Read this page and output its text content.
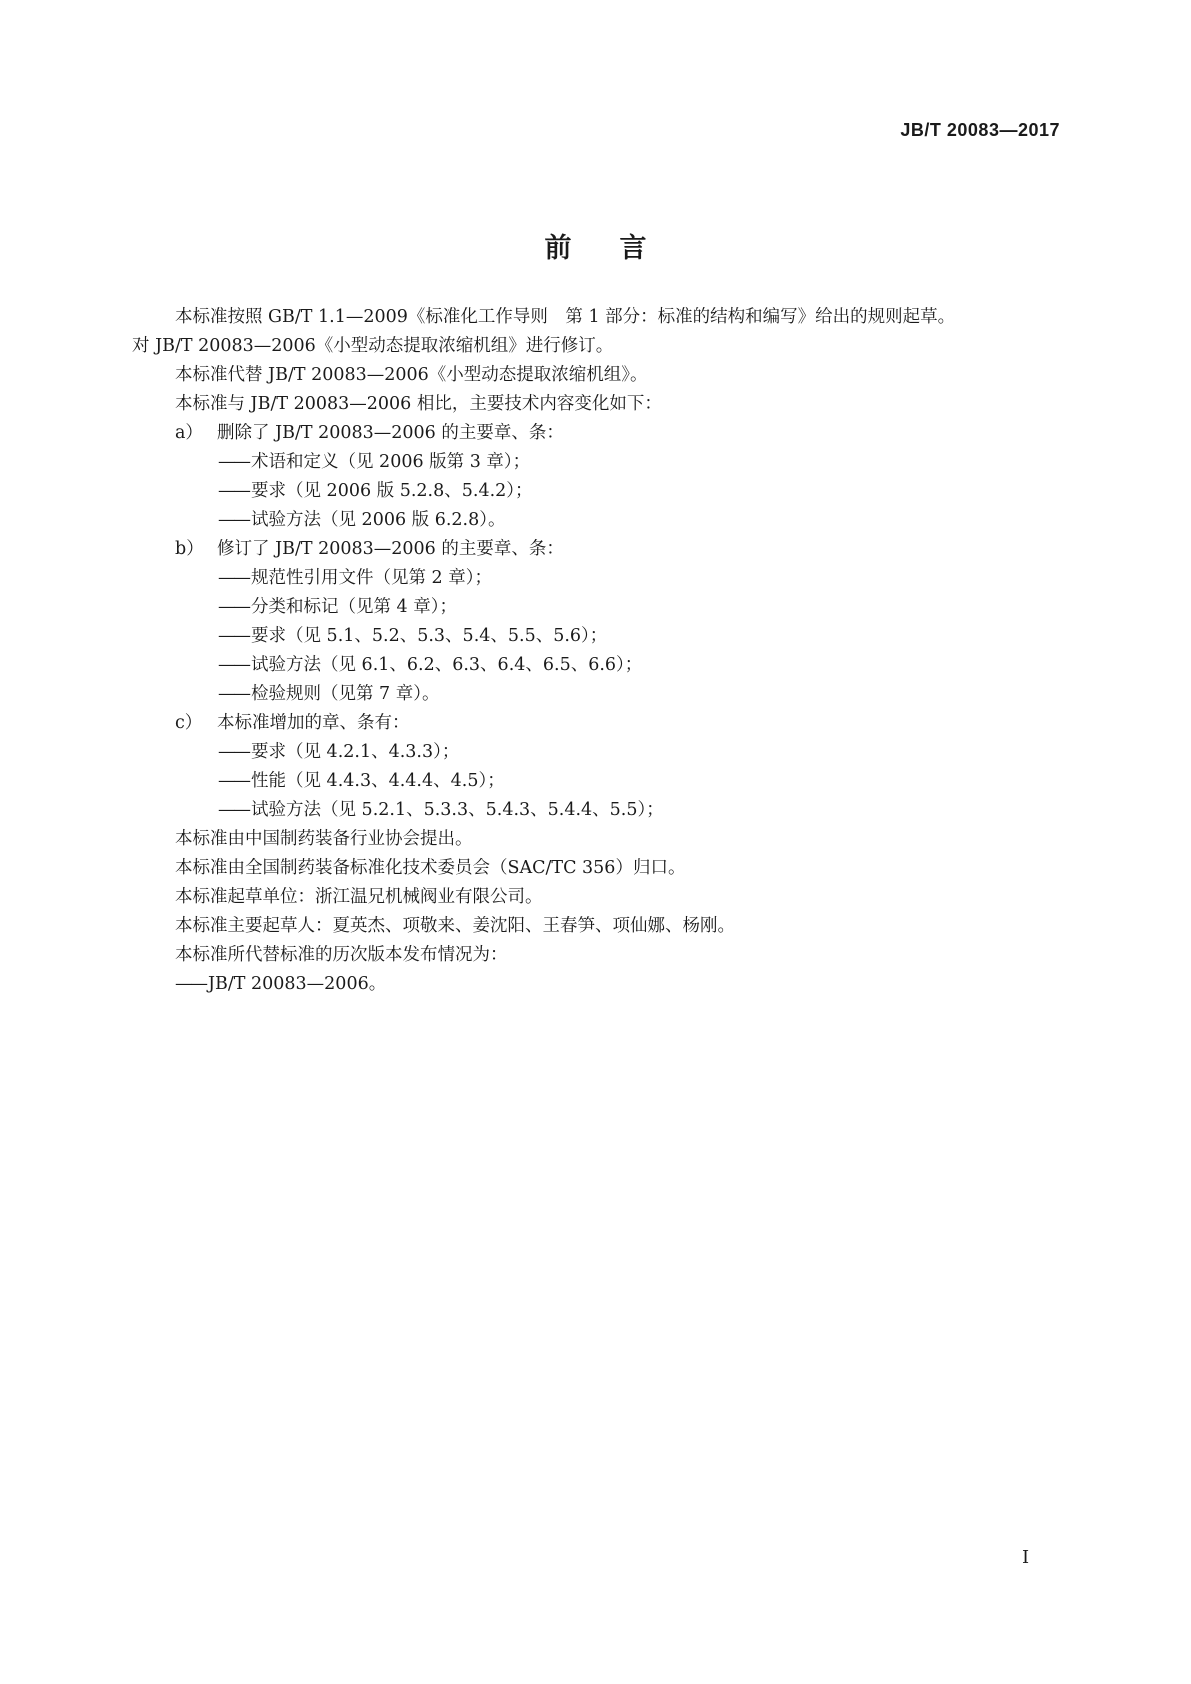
JB/T 20083—2017
前言
本标准按照 GB/T 1.1—2009《标准化工作导则　第 1 部分：标准的结构和编写》给出的规则起草。
对 JB/T 20083—2006《小型动态提取浓缩机组》进行修订。
本标准代替 JB/T 20083—2006《小型动态提取浓缩机组》。
本标准与 JB/T 20083—2006 相比，主要技术内容变化如下：
a） 删除了 JB/T 20083—2006 的主要章、条：
—— 术语和定义（见 2006 版第 3 章）；
—— 要求（见 2006 版 5.2.8、5.4.2）；
—— 试验方法（见 2006 版 6.2.8）。
b） 修订了 JB/T 20083—2006 的主要章、条：
—— 规范性引用文件（见第 2 章）；
—— 分类和标记（见第 4 章）；
—— 要求（见 5.1、5.2、5.3、5.4、5.5、5.6）；
—— 试验方法（见 6.1、6.2、6.3、6.4、6.5、6.6）；
—— 检验规则（见第 7 章）。
c） 本标准增加的章、条有：
—— 要求（见 4.2.1、4.3.3）；
—— 性能（见 4.4.3、4.4.4、4.5）；
—— 试验方法（见 5.2.1、5.3.3、5.4.3、5.4.4、5.5）；
本标准由中国制药装备行业协会提出。
本标准由全国制药装备标准化技术委员会（SAC/TC 356）归口。
本标准起草单位：浙江温兄机械阀业有限公司。
本标准主要起草人：夏英杰、项敬来、姜沈阳、王春笋、项仙娜、杨刚。
本标准所代替标准的历次版本发布情况为：
—— JB/T 20083—2006。
I
